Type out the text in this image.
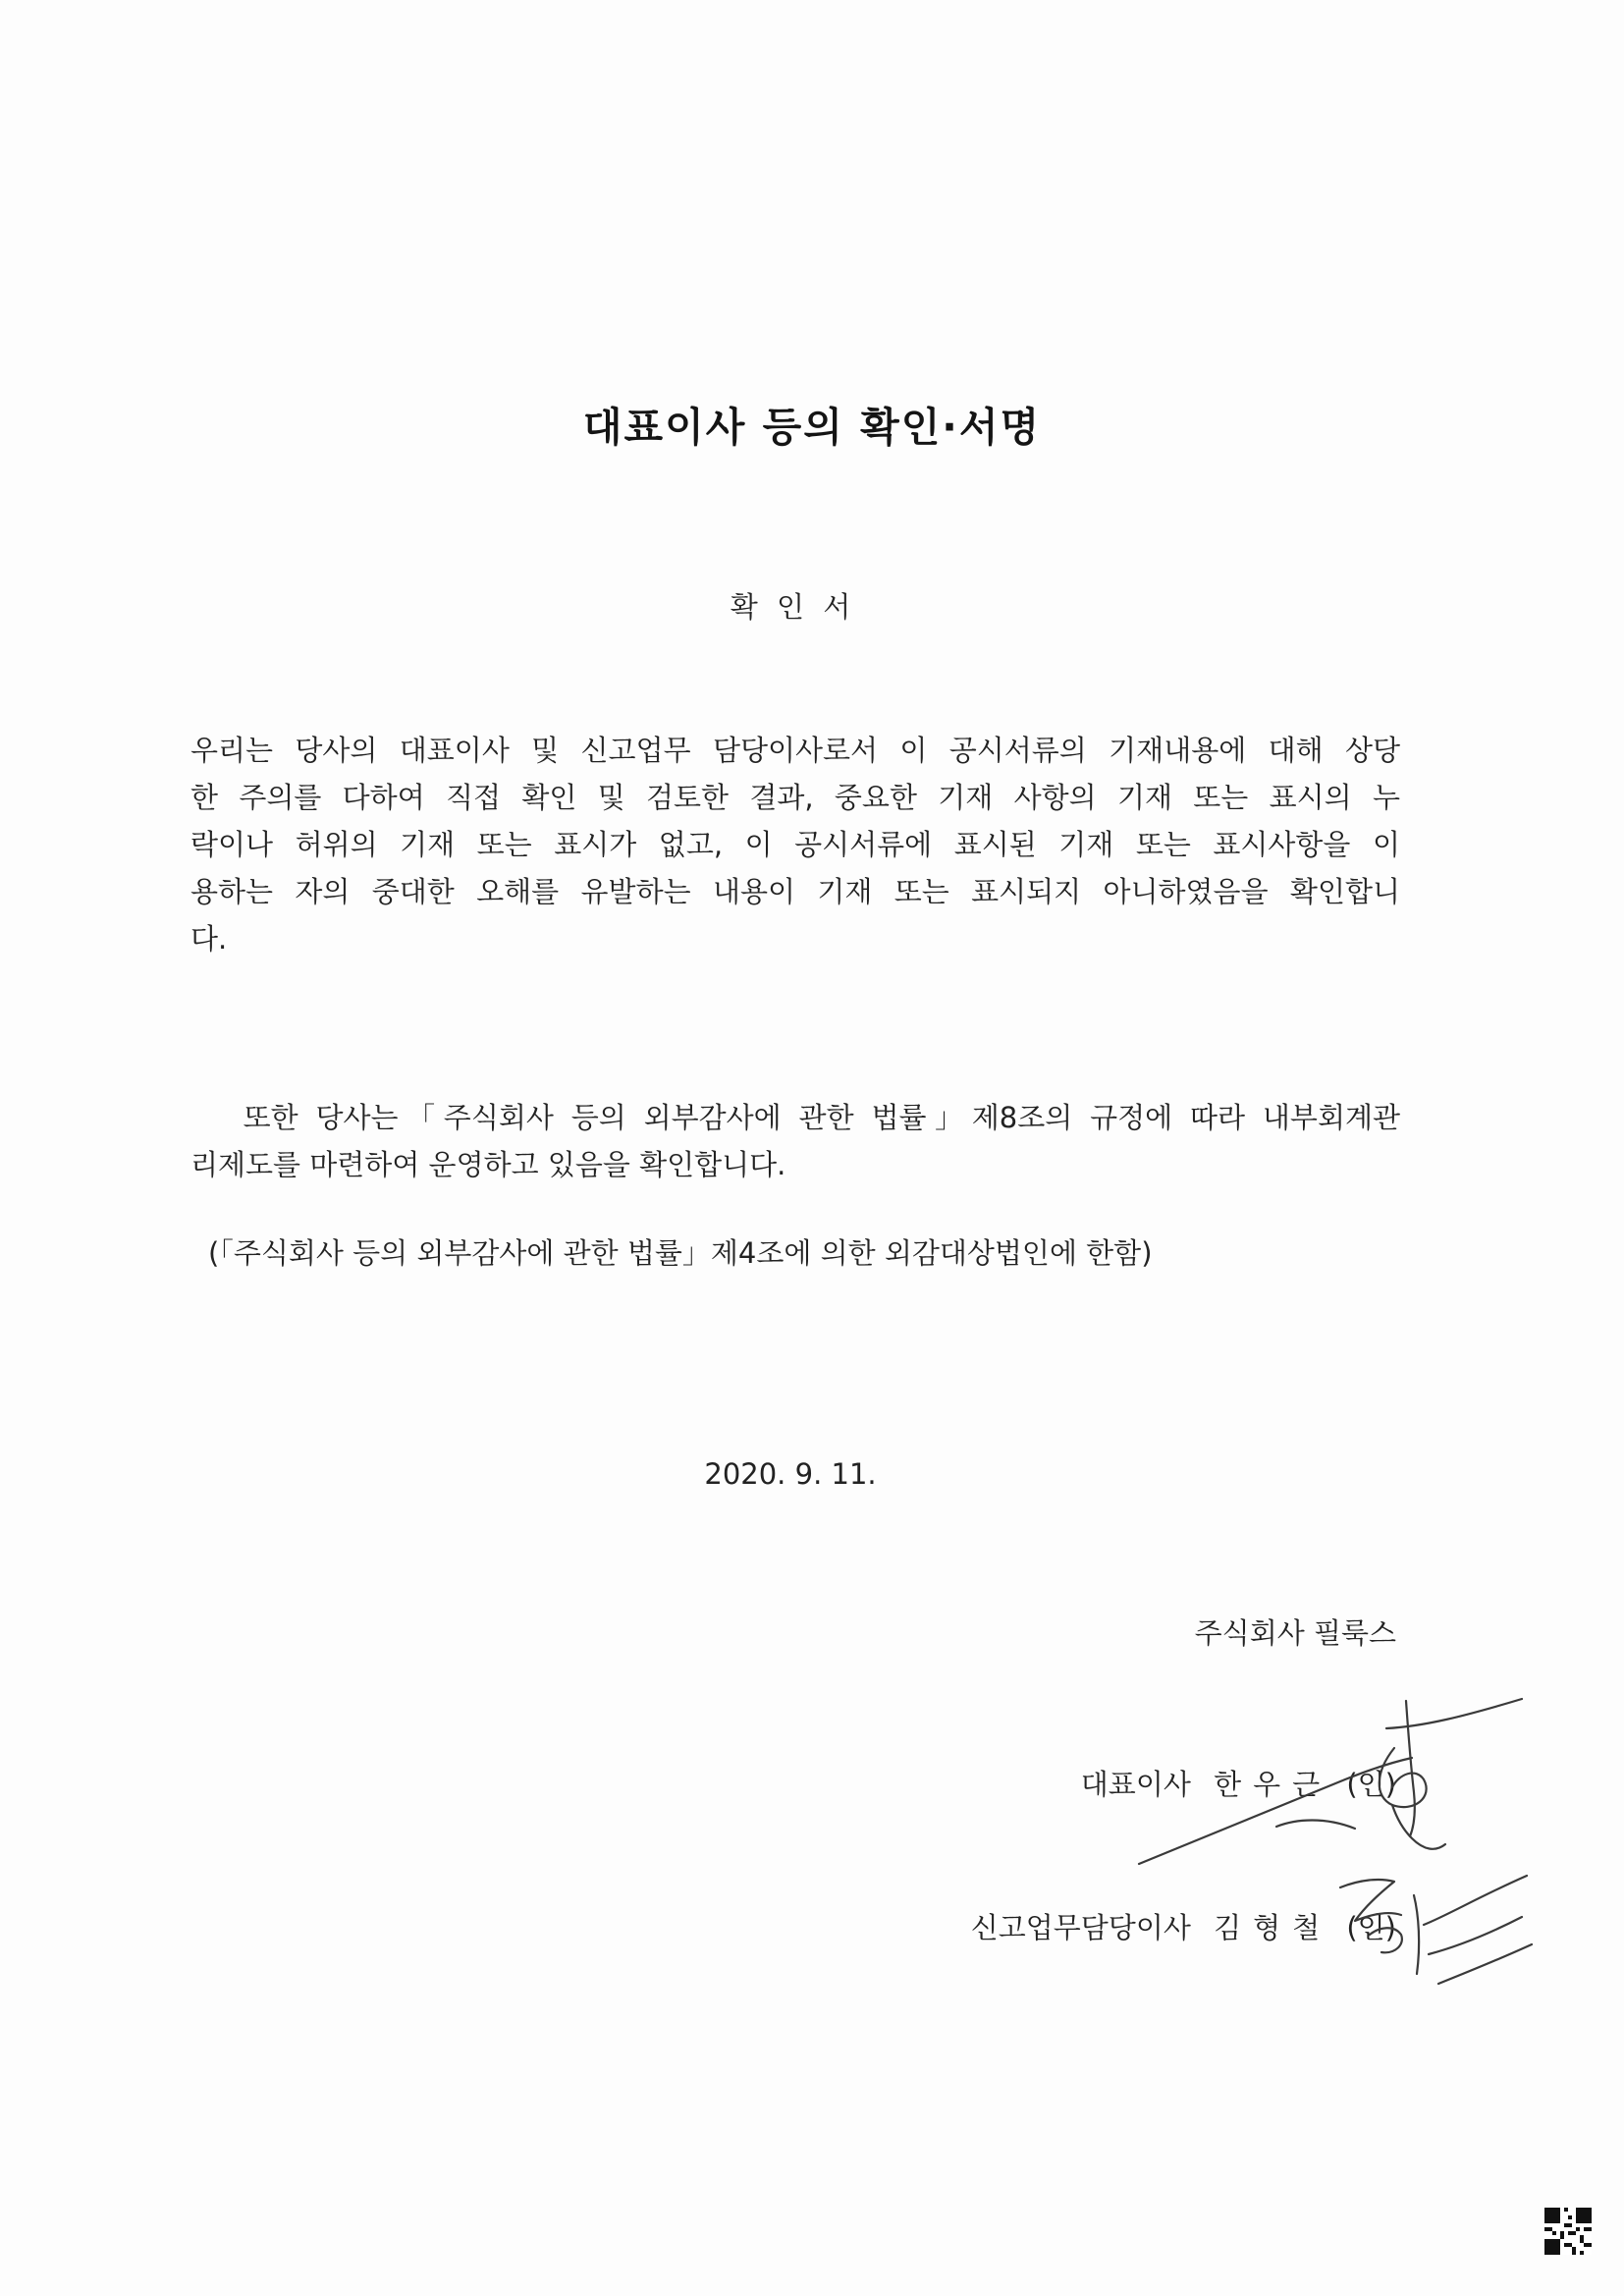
대표이사 등의 확인·서명
확 인 서
우리는 당사의 대표이사 및 신고업무 담당이사로서 이 공시서류의 기재내용에 대해 상당
한 주의를 다하여 직접 확인 및 검토한 결과, 중요한 기재 사항의 기재 또는 표시의 누
락이나 허위의 기재 또는 표시가 없고, 이 공시서류에 표시된 기재 또는 표시사항을 이
용하는 자의 중대한 오해를 유발하는 내용이 기재 또는 표시되지 아니하였음을 확인합니
다.
또한 당사는「주식회사 등의 외부감사에 관한 법률」제8조의 규정에 따라 내부회계관
리제도를 마련하여 운영하고 있음을 확인합니다.
(「주식회사 등의 외부감사에 관한 법률」제4조에 의한 외감대상법인에 한함)
2020. 9. 11.
주식회사 필룩스
대표이사 한우근 (인)
신고업무담당이사 김형철 (인)
